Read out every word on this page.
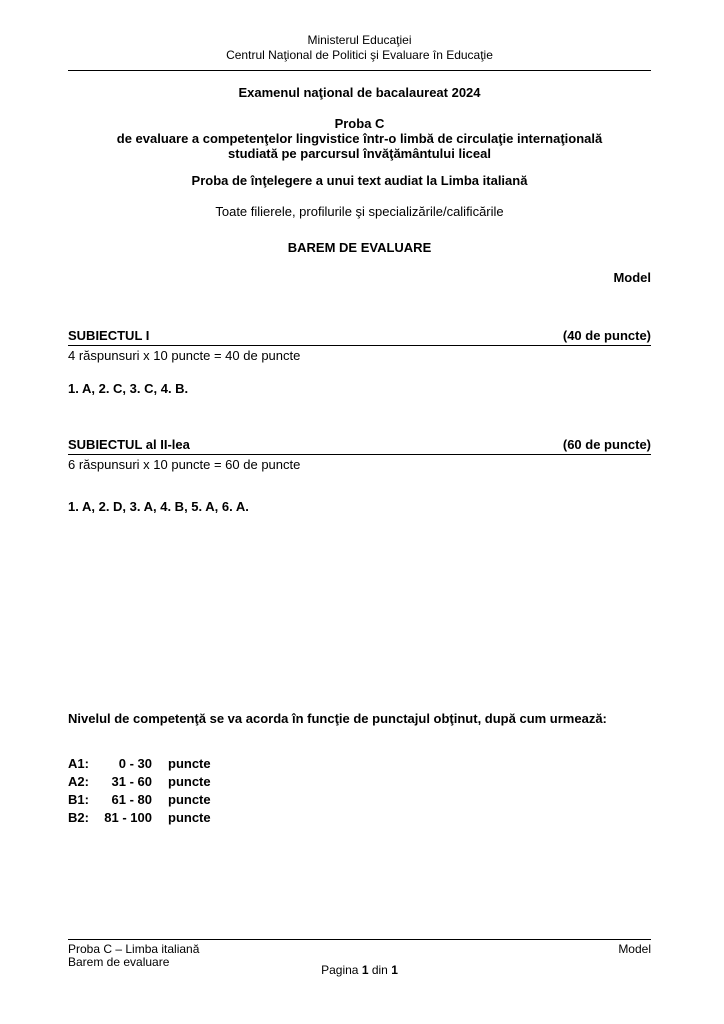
Ministerul Educaţiei
Centrul Naţional de Politici şi Evaluare în Educaţie
Examenul naţional de bacalaureat 2024
Proba C
de evaluare a competenţelor lingvistice într-o limbă de circulaţie internaţională
studiată pe parcursul învăţământului liceal
Proba de înţelegere a unui text audiat la Limba italiană
Toate filierele, profilurile şi specializările/calificările
BAREM DE EVALUARE
Model
SUBIECTUL I	(40 de puncte)
4 răspunsuri x 10 puncte = 40 de puncte
1. A, 2. C, 3. C, 4. B.
SUBIECTUL al II-lea	(60 de puncte)
6 răspunsuri x 10 puncte = 60 de puncte
1. A, 2. D, 3. A, 4. B, 5. A, 6. A.
Nivelul de competenţă se va acorda în funcţie de punctajul obţinut, după cum urmează:
A1:	0 - 30	puncte
A2:	31 - 60	puncte
B1:	61 - 80	puncte
B2:	81 - 100	puncte
Proba C – Limba italiană	Model
Barem de evaluare
Pagina 1 din 1
